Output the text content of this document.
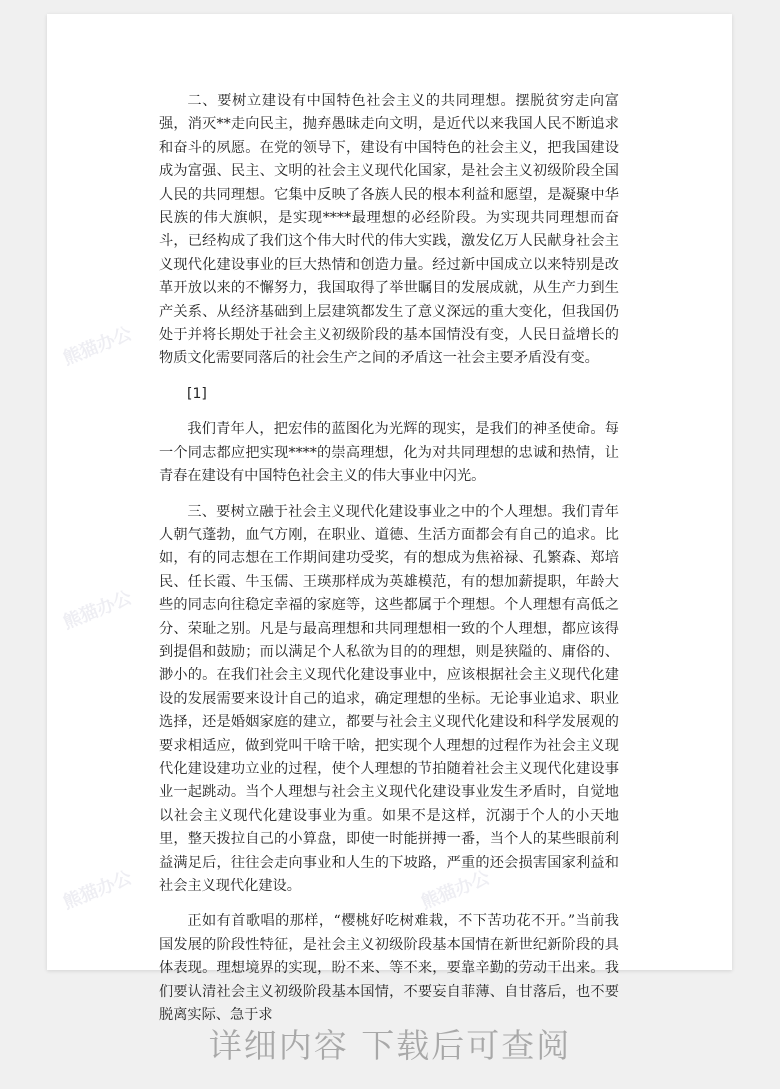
熊猫办公
熊猫办公
熊猫办公	熊猫办公

二、要树立建设有中国特色社会主义的共同理想。摆脱贫穷走向富强，消灭**走向民主，抛弃愚昧走向文明，是近代以来我国人民不断追求和奋斗的夙愿。在党的领导下，建设有中国特色的社会主义，把我国建设成为富强、民主、文明的社会主义现代化国家，是社会主义初级阶段全国人民的共同理想。它集中反映了各族人民的根本利益和愿望，是凝聚中华民族的伟大旗帜，是实现****最理想的必经阶段。为实现共同理想而奋斗，已经构成了我们这个伟大时代的伟大实践，激发亿万人民献身社会主义现代化建设事业的巨大热情和创造力量。经过新中国成立以来特别是改革开放以来的不懈努力，我国取得了举世瞩目的发展成就，从生产力到生产关系、从经济基础到上层建筑都发生了意义深远的重大变化，但我国仍处于并将长期处于社会主义初级阶段的基本国情没有变，人民日益增长的物质文化需要同落后的社会生产之间的矛盾这一社会主要矛盾没有变。

[1]

我们青年人，把宏伟的蓝图化为光辉的现实，是我们的神圣使命。每一个同志都应把实现****的崇高理想，化为对共同理想的忠诚和热情，让青春在建设有中国特色社会主义的伟大事业中闪光。

三、要树立融于社会主义现代化建设事业之中的个人理想。我们青年人朝气蓬勃，血气方刚，在职业、道德、生活方面都会有自己的追求。比如，有的同志想在工作期间建功受奖，有的想成为焦裕禄、孔繁森、郑培民、任长霞、牛玉儒、王瑛那样成为英雄模范，有的想加薪提职，年龄大些的同志向往稳定幸福的家庭等，这些都属于个理想。个人理想有高低之分、荣耻之别。凡是与最高理想和共同理想相一致的个人理想，都应该得到提倡和鼓励；而以满足个人私欲为目的的理想，则是狭隘的、庸俗的、渺小的。在我们社会主义现代化建设事业中，应该根据社会主义现代化建设的发展需要来设计自己的追求，确定理想的坐标。无论事业追求、职业选择，还是婚姻家庭的建立，都要与社会主义现代化建设和科学发展观的要求相适应，做到党叫干啥干啥，把实现个人理想的过程作为社会主义现代化建设建功立业的过程，使个人理想的节拍随着社会主义现代化建设事业一起跳动。当个人理想与社会主义现代化建设事业发生矛盾时，自觉地以社会主义现代化建设事业为重。如果不是这样，沉溺于个人的小天地里，整天拨拉自己的小算盘，即使一时能拼搏一番，当个人的某些眼前利益满足后，往往会走向事业和人生的下坡路，严重的还会损害国家利益和社会主义现代化建设。

正如有首歌唱的那样，“樱桃好吃树难栽，不下苦功花不开。”当前我国发展的阶段性特征，是社会主义初级阶段基本国情在新世纪新阶段的具体表现。理想境界的实现，盼不来、等不来，要靠辛勤的劳动干出来。我们要认清社会主义初级阶段基本国情，不要妄自菲薄、自甘落后，也不要脱离实际、急于求

详细内容 下载后可查阅
